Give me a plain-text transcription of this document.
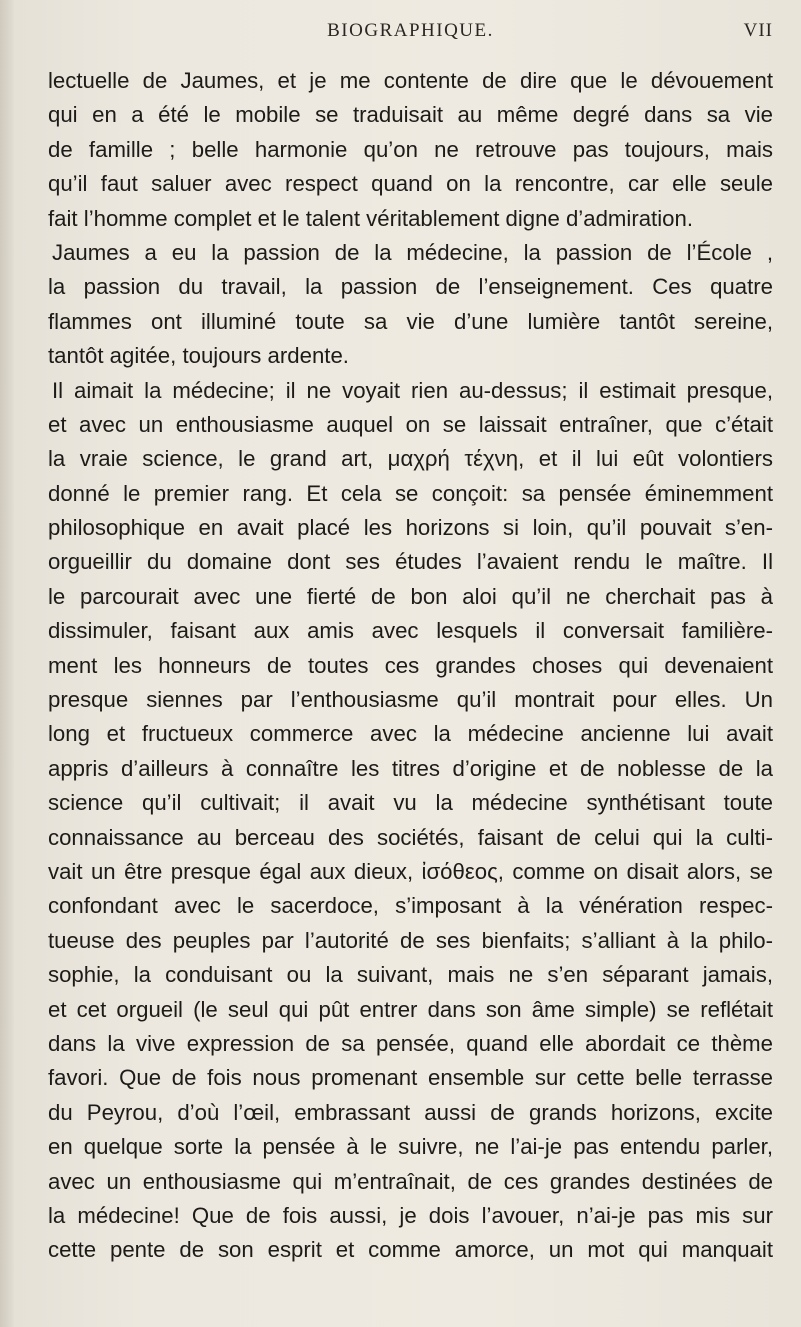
BIOGRAPHIQUE.	VII
lectuelle de Jaumes, et je me contente de dire que le dévouement
qui en a été le mobile se traduisait au même degré dans sa vie
de famille ; belle harmonie qu’on ne retrouve pas toujours, mais
qu’il faut saluer avec respect quand on la rencontre, car elle seule
fait l’homme complet et le talent véritablement digne d’admiration.
Jaumes a eu la passion de la médecine, la passion de l’École ,
la passion du travail, la passion de l’enseignement. Ces quatre
flammes ont illuminé toute sa vie d’une lumière tantôt sereine,
tantôt agitée, toujours ardente.
Il aimait la médecine; il ne voyait rien au-dessus; il estimait presque,
et avec un enthousiasme auquel on se laissait entraîner, que c’était
la vraie science, le grand art, μαχρή τέχνη, et il lui eût volontiers
donné le premier rang. Et cela se conçoit: sa pensée éminemment
philosophique en avait placé les horizons si loin, qu’il pouvait s’en-
orgueillir du domaine dont ses études l’avaient rendu le maître. Il
le parcourait avec une fierté de bon aloi qu’il ne cherchait pas à
dissimuler, faisant aux amis avec lesquels il conversait familière-
ment les honneurs de toutes ces grandes choses qui devenaient
presque siennes par l’enthousiasme qu’il montrait pour elles. Un
long et fructueux commerce avec la médecine ancienne lui avait
appris d’ailleurs à connaître les titres d’origine et de noblesse de la
science qu’il cultivait; il avait vu la médecine synthétisant toute
connaissance au berceau des sociétés, faisant de celui qui la culti-
vait un être presque égal aux dieux, ἰσόθεος, comme on disait alors, se
confondant avec le sacerdoce, s’imposant à la vénération respec-
tueuse des peuples par l’autorité de ses bienfaits; s’alliant à la philo-
sophie, la conduisant ou la suivant, mais ne s’en séparant jamais,
et cet orgueil (le seul qui pût entrer dans son âme simple) se reflétait
dans la vive expression de sa pensée, quand elle abordait ce thème
favori. Que de fois nous promenant ensemble sur cette belle terrasse
du Peyrou, d’où l’œil, embrassant aussi de grands horizons, excite
en quelque sorte la pensée à le suivre, ne l’ai-je pas entendu parler,
avec un enthousiasme qui m’entraînait, de ces grandes destinées de
la médecine! Que de fois aussi, je dois l’avouer, n’ai-je pas mis sur
cette pente de son esprit et comme amorce, un mot qui manquait
